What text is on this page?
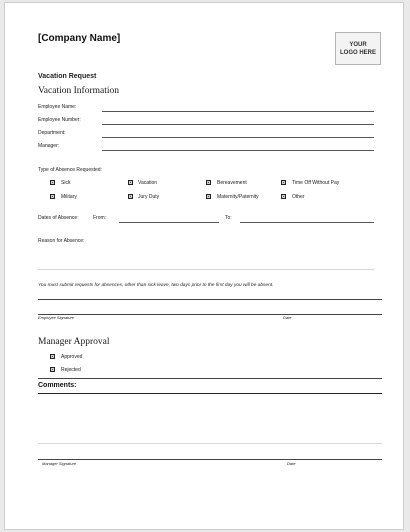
[Company Name]
YOUR LOGO HERE
Vacation Request
Vacation Information
Employee Name:
Employee Number:
Department:
Manager:
Type of Absence Requested:
Sick	Vacation	Bereavement	Time Off Without Pay
Military	Jury Duty	Maternity/Paternity	Other
Dates of Absence:	From:	To:
Reason for Absence:
You must submit requests for absences, other than sick leave, two days prior to the first day you will be absent.
Employee Signature	Date
Manager Approval
Approved
Rejected
Comments:
Manager Signature	Date
